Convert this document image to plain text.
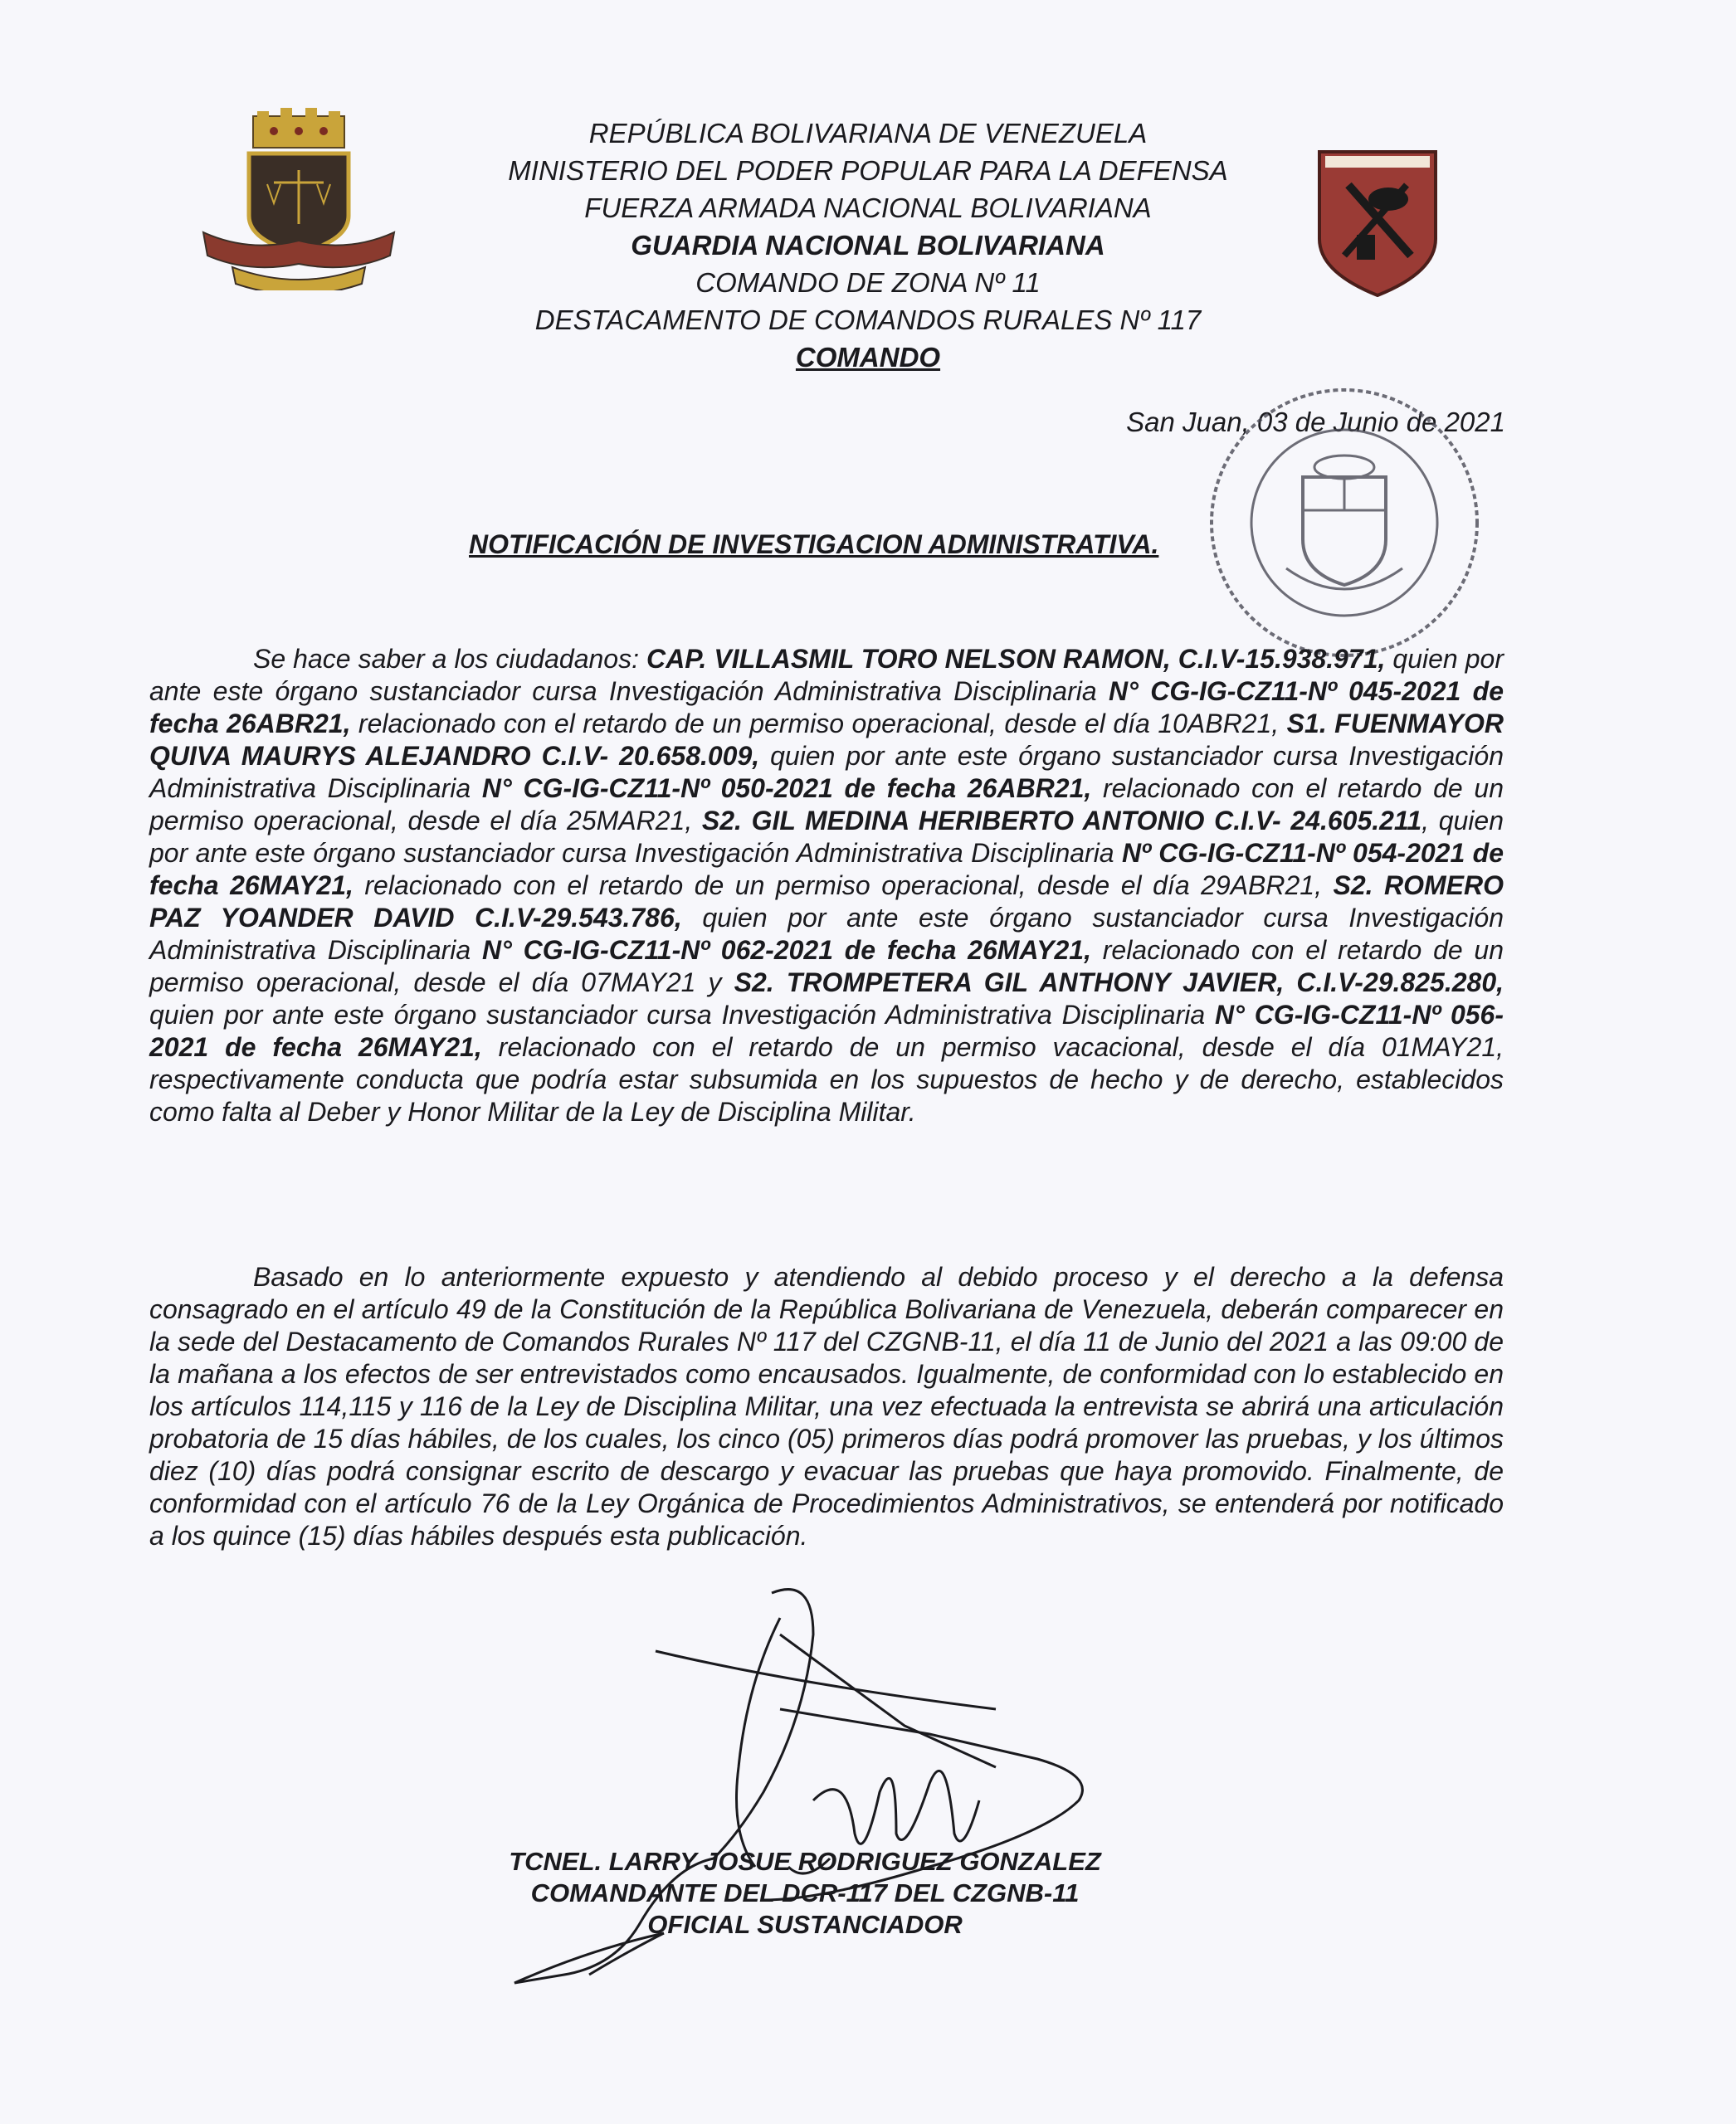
REPÚBLICA BOLIVARIANA DE VENEZUELA
MINISTERIO DEL PODER POPULAR PARA LA DEFENSA
FUERZA ARMADA NACIONAL BOLIVARIANA
GUARDIA NACIONAL BOLIVARIANA
COMANDO DE ZONA Nº 11
DESTACAMENTO DE COMANDOS RURALES Nº 117
COMANDO
San Juan, 03 de Junio de 2021
NOTIFICACIÓN DE INVESTIGACION ADMINISTRATIVA.

Se hace saber a los ciudadanos: CAP. VILLASMIL TORO NELSON RAMON, C.I.V-15.938.971, quien por ante este órgano sustanciador cursa Investigación Administrativa Disciplinaria N° CG-IG-CZ11-Nº 045-2021 de fecha 26ABR21, relacionado con el retardo de un permiso operacional, desde el día 10ABR21, S1. FUENMAYOR QUIVA MAURYS ALEJANDRO C.I.V- 20.658.009, quien por ante este órgano sustanciador cursa Investigación Administrativa Disciplinaria N° CG-IG-CZ11-Nº 050-2021 de fecha 26ABR21, relacionado con el retardo de un permiso operacional, desde el día 25MAR21, S2. GIL MEDINA HERIBERTO ANTONIO C.I.V- 24.605.211, quien por ante este órgano sustanciador cursa Investigación Administrativa Disciplinaria Nº CG-IG-CZ11-Nº 054-2021 de fecha 26MAY21, relacionado con el retardo de un permiso operacional, desde el día 29ABR21, S2. ROMERO PAZ YOANDER DAVID C.I.V-29.543.786, quien por ante este órgano sustanciador cursa Investigación Administrativa Disciplinaria N° CG-IG-CZ11-Nº 062-2021 de fecha 26MAY21, relacionado con el retardo de un permiso operacional, desde el día 07MAY21 y S2. TROMPETERA GIL ANTHONY JAVIER, C.I.V-29.825.280, quien por ante este órgano sustanciador cursa Investigación Administrativa Disciplinaria N° CG-IG-CZ11-Nº 056-2021 de fecha 26MAY21, relacionado con el retardo de un permiso vacacional, desde el día 01MAY21, respectivamente conducta que podría estar subsumida en los supuestos de hecho y de derecho, establecidos como falta al Deber y Honor Militar de la Ley de Disciplina Militar.

Basado en lo anteriormente expuesto y atendiendo al debido proceso y el derecho a la defensa consagrado en el artículo 49 de la Constitución de la República Bolivariana de Venezuela, deberán comparecer en la sede del Destacamento de Comandos Rurales Nº 117 del CZGNB-11, el día 11 de Junio del 2021 a las 09:00 de la mañana a los efectos de ser entrevistados como encausados. Igualmente, de conformidad con lo establecido en los artículos 114,115 y 116 de la Ley de Disciplina Militar, una vez efectuada la entrevista se abrirá una articulación probatoria de 15 días hábiles, de los cuales, los cinco (05) primeros días podrá promover las pruebas, y los últimos diez (10) días podrá consignar escrito de descargo y evacuar las pruebas que haya promovido. Finalmente, de conformidad con el artículo 76 de la Ley Orgánica de Procedimientos Administrativos, se entenderá por notificado a los quince (15) días hábiles después esta publicación.

TCNEL. LARRY JOSUE RODRIGUEZ GONZALEZ
COMANDANTE DEL DCR-117 DEL CZGNB-11
OFICIAL SUSTANCIADOR
